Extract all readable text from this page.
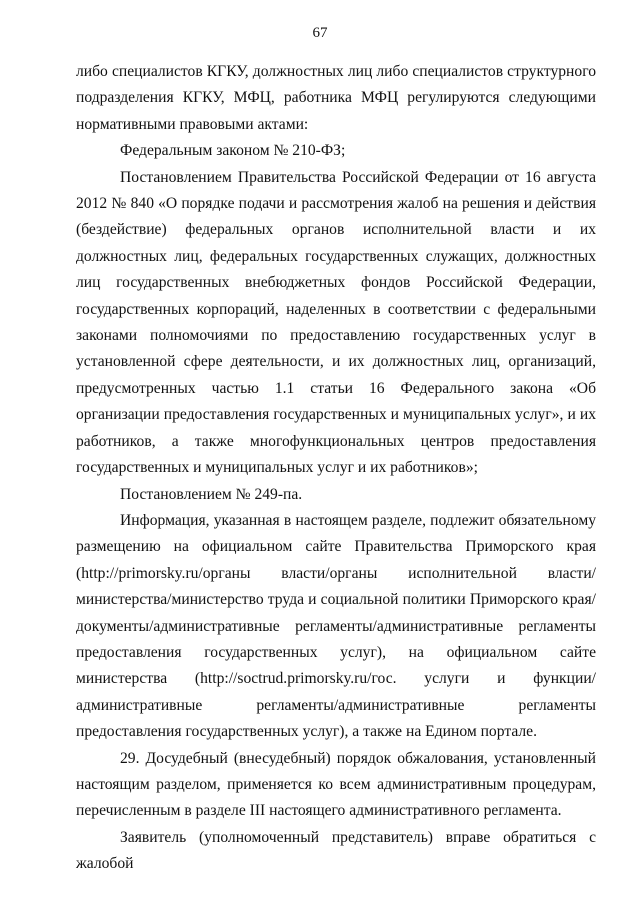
67

либо специалистов КГКУ, должностных лиц либо специалистов структурного подразделения КГКУ, МФЦ, работника МФЦ регулируются следующими нормативными правовыми актами:

Федеральным законом № 210-ФЗ;

Постановлением Правительства Российской Федерации от 16 августа 2012 № 840 «О порядке подачи и рассмотрения жалоб на решения и действия (бездействие) федеральных органов исполнительной власти и их должностных лиц, федеральных государственных служащих, должностных лиц государственных внебюджетных фондов Российской Федерации, государственных корпораций, наделенных в соответствии с федеральными законами полномочиями по предоставлению государственных услуг в установленной сфере деятельности, и их должностных лиц, организаций, предусмотренных частью 1.1 статьи 16 Федерального закона «Об организации предоставления государственных и муниципальных услуг», и их работников, а также многофункциональных центров предоставления государственных и муниципальных услуг и их работников»;

Постановлением № 249-па.

Информация, указанная в настоящем разделе, подлежит обязательному размещению на официальном сайте Правительства Приморского края (http://primorsky.ru/органы власти/органы исполнительной власти/министерства/министерство труда и социальной политики Приморского края/документы/административные регламенты/административные регламенты предоставления государственных услуг), на официальном сайте министерства (http://soctrud.primorsky.ru/гос. услуги и функции/административные регламенты/административные регламенты предоставления государственных услуг), а также на Едином портале.

29. Досудебный (внесудебный) порядок обжалования, установленный настоящим разделом, применяется ко всем административным процедурам, перечисленным в разделе III настоящего административного регламента.

Заявитель (уполномоченный представитель) вправе обратиться с жалобой
